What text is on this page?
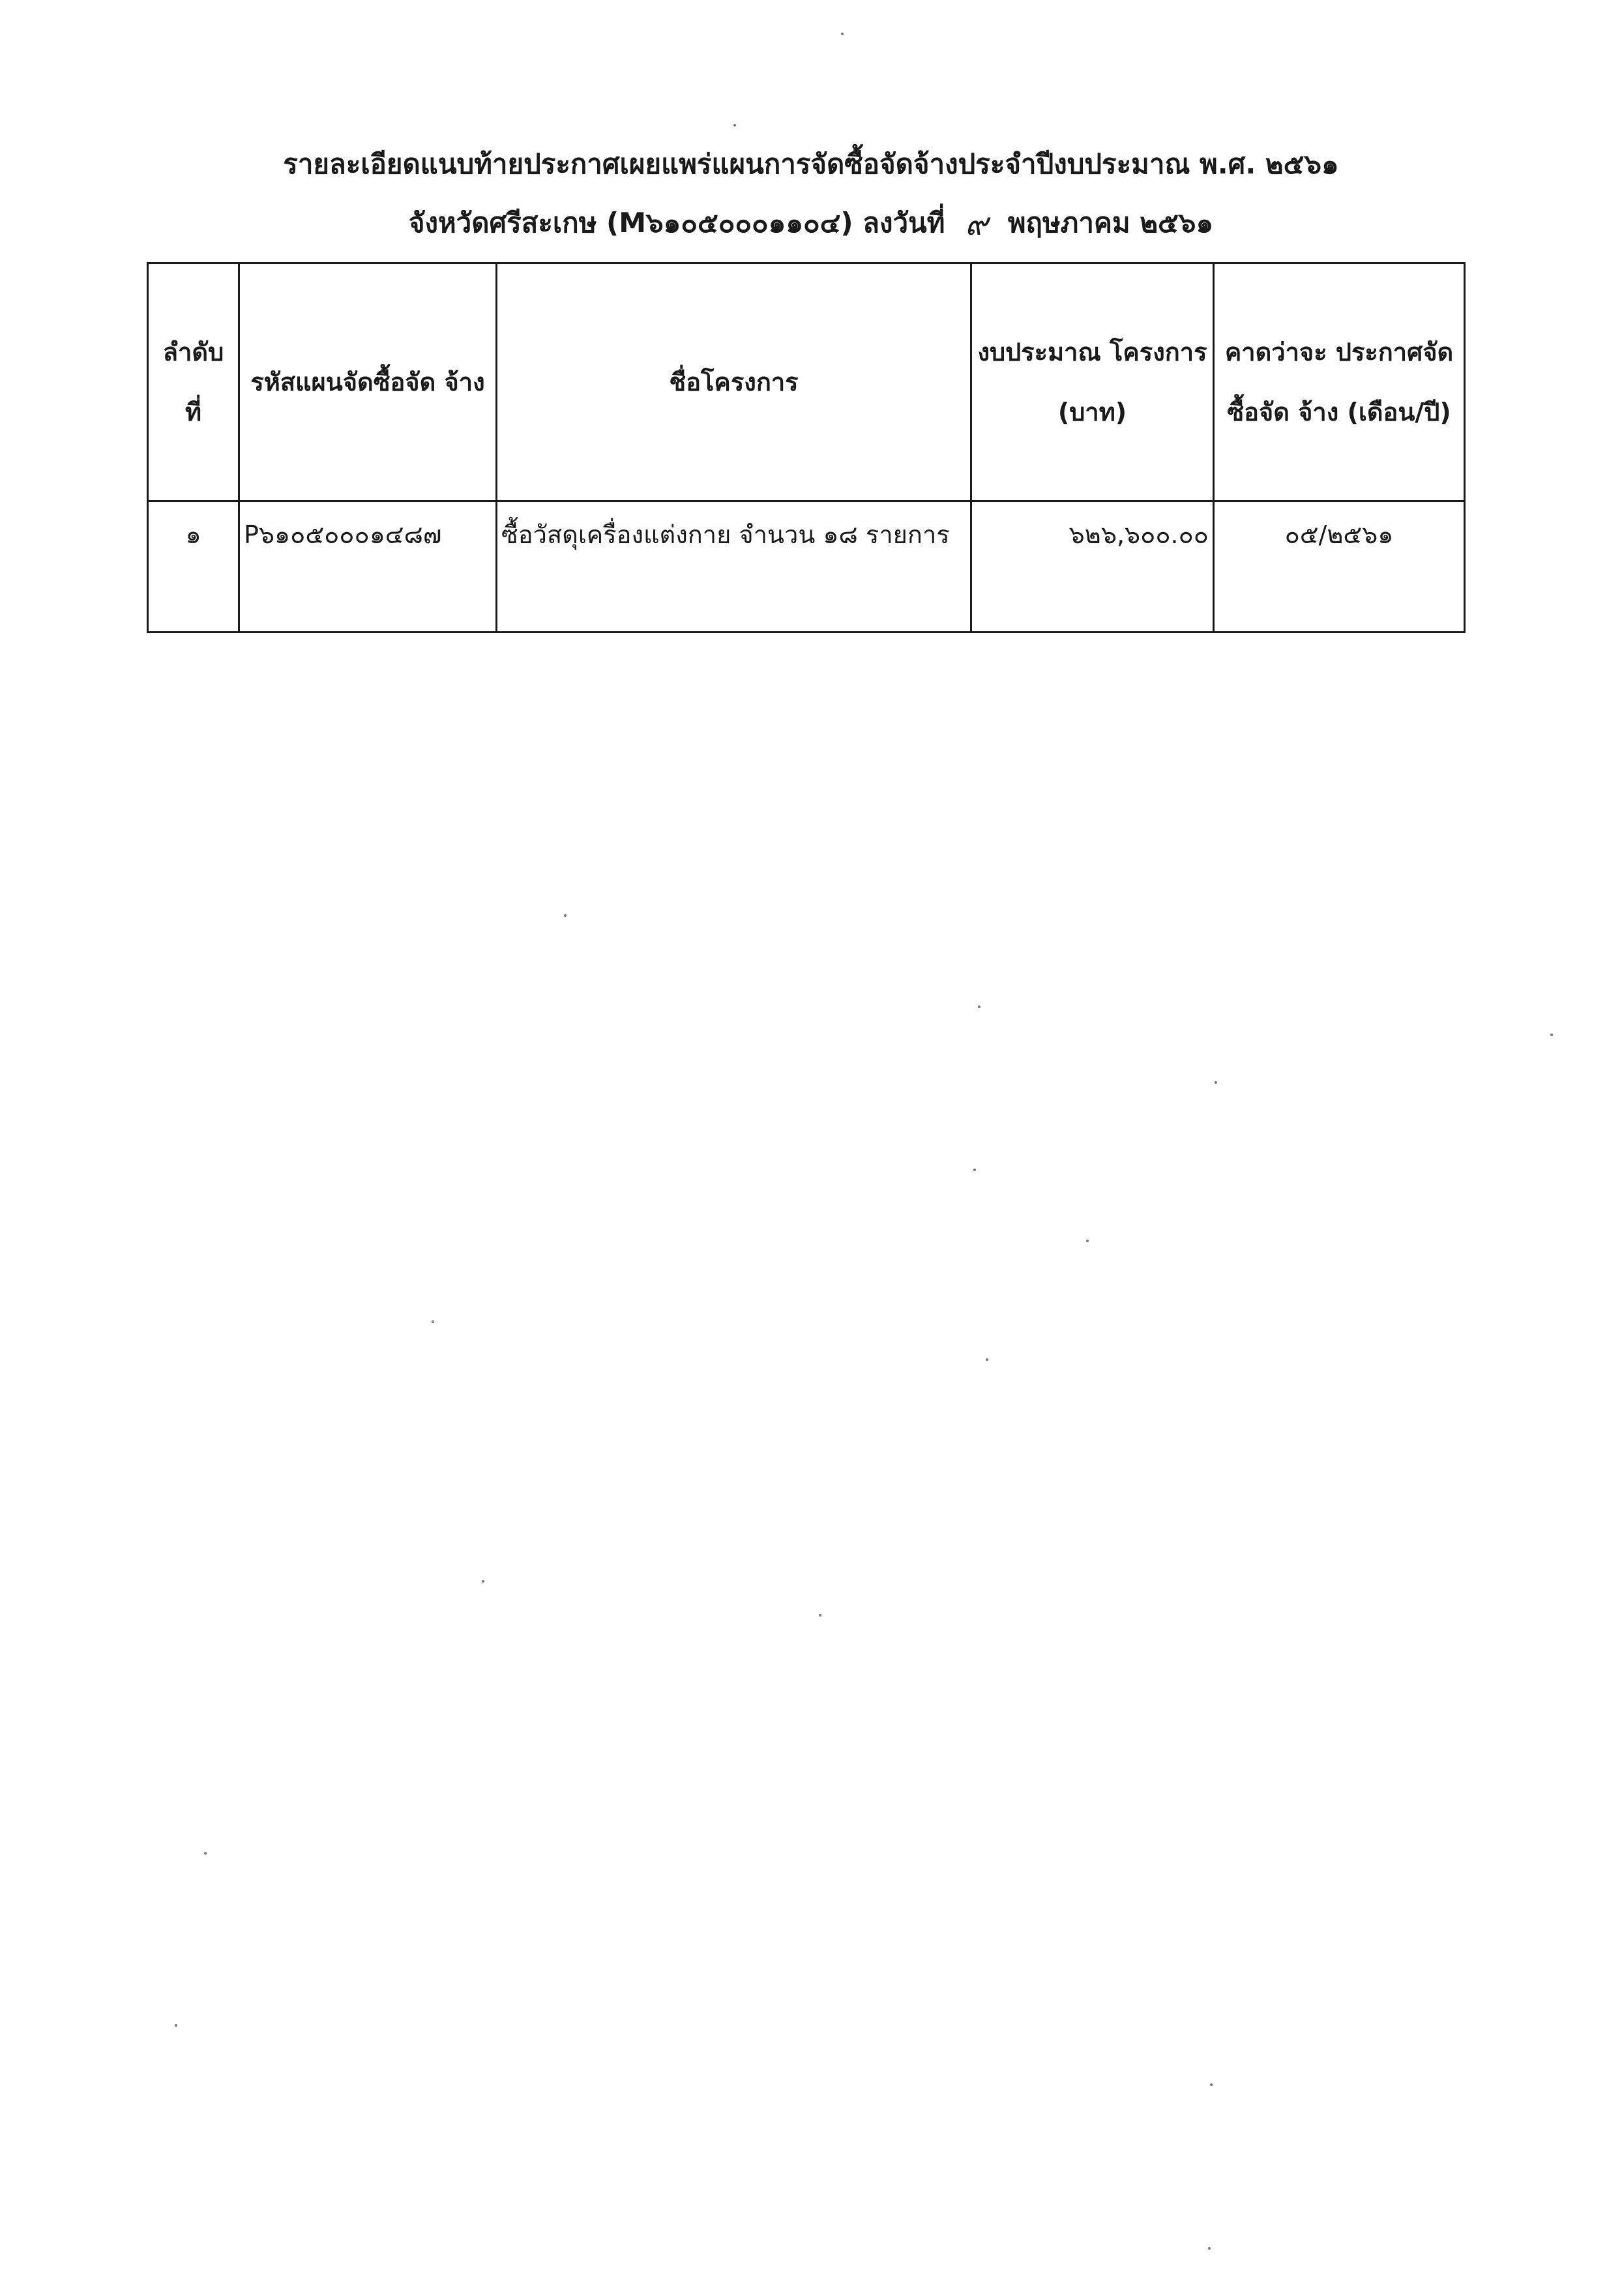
รายละเอียดแนบท้ายประกาศเผยแพร่แผนการจัดซื้อจัดจ้างประจำปีงบประมาณ พ.ศ. ๒๕๖๑
จังหวัดศรีสะเกษ (M๖๑๐๕๐๐๐๑๑๐๔) ลงวันที่ ๙ พฤษภาคม ๒๕๖๑
ลำดับ ที่	รหัสแผนจัดซื้อจัด จ้าง	ชื่อโครงการ	งบประมาณ โครงการ (บาท)	คาดว่าจะ ประกาศจัดซื้อจัด จ้าง (เดือน/ปี)
๑	P๖๑๐๕๐๐๐๑๔๘๗	ซื้อวัสดุเครื่องแต่งกาย จำนวน ๑๘ รายการ	๖๒๖,๖๐๐.๐๐	๐๕/๒๕๖๑
